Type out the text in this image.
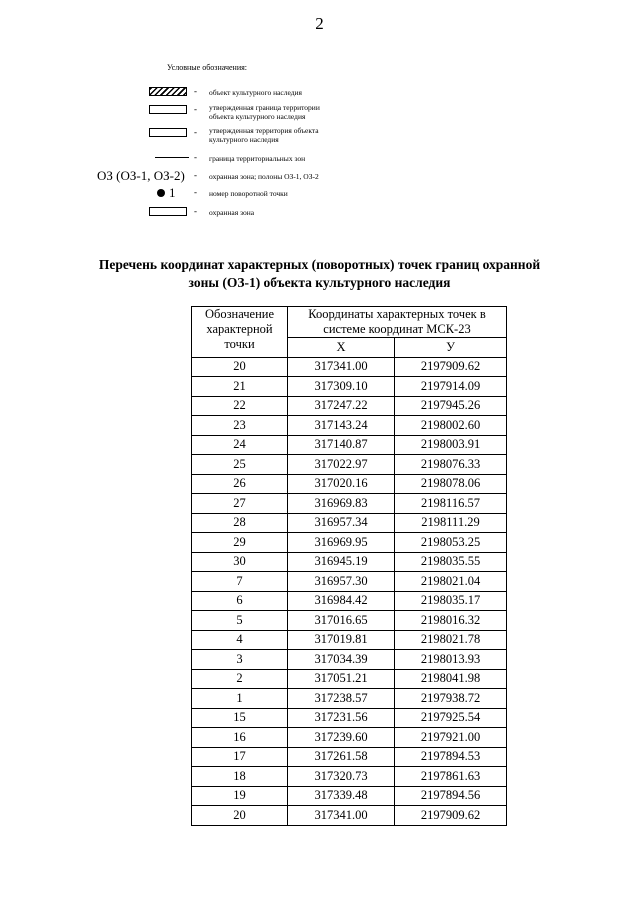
2
Условные обозначения:
- объект культурного наследия
- утвержденная граница территории
объекта культурного наследия
- утвержденная территория объекта
культурного наследия
- граница территориальных зон
ОЗ (ОЗ-1, ОЗ-2) - охранная зона; полоны ОЗ-1, ОЗ-2
1 - номер поворотной точки
- охранная зона
Перечень координат характерных (поворотных) точек границ охранной
зоны (ОЗ-1) объекта культурного наследия
Обозначение
характерной
точки	Координаты характерных точек в
системе координат МСК-23	

	Х	У
20	317341.00	2197909.62
21	317309.10	2197914.09
22	317247.22	2197945.26
23	317143.24	2198002.60
24	317140.87	2198003.91
25	317022.97	2198076.33
26	317020.16	2198078.06
27	316969.83	2198116.57
28	316957.34	2198111.29
29	316969.95	2198053.25
30	316945.19	2198035.55
7	316957.30	2198021.04
6	316984.42	2198035.17
5	317016.65	2198016.32
4	317019.81	2198021.78
3	317034.39	2198013.93
2	317051.21	2198041.98
1	317238.57	2197938.72
15	317231.56	2197925.54
16	317239.60	2197921.00
17	317261.58	2197894.53
18	317320.73	2197861.63
19	317339.48	2197894.56
20	317341.00	2197909.62
